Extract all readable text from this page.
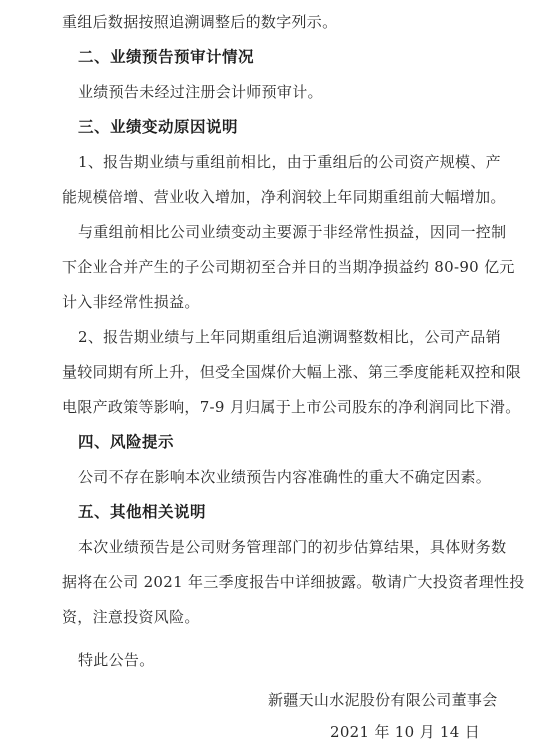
重组后数据按照追溯调整后的数字列示。
二、业绩预告预审计情况
业绩预告未经过注册会计师预审计。
三、业绩变动原因说明
1、报告期业绩与重组前相比，由于重组后的公司资产规模、产
能规模倍增、营业收入增加，净利润较上年同期重组前大幅增加。
与重组前相比公司业绩变动主要源于非经常性损益，因同一控制
下企业合并产生的子公司期初至合并日的当期净损益约 80-90 亿元
计入非经常性损益。
2、报告期业绩与上年同期重组后追溯调整数相比，公司产品销
量较同期有所上升，但受全国煤价大幅上涨、第三季度能耗双控和限
电限产政策等影响，7-9 月归属于上市公司股东的净利润同比下滑。
四、风险提示
公司不存在影响本次业绩预告内容准确性的重大不确定因素。
五、其他相关说明
本次业绩预告是公司财务管理部门的初步估算结果，具体财务数
据将在公司 2021 年三季度报告中详细披露。敬请广大投资者理性投
资，注意投资风险。
特此公告。
新疆天山水泥股份有限公司董事会
2021 年 10 月 14 日
